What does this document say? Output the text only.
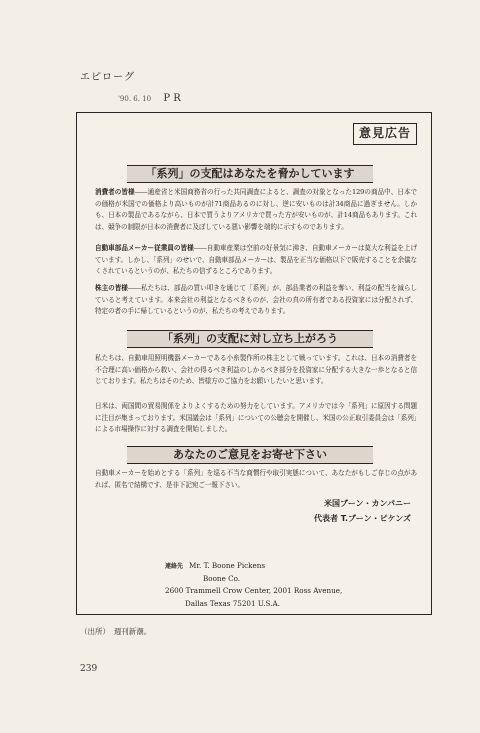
エピローグ
'90. 6. 10 P R
意見広告
「系列」の支配はあなたを脅かしています
消費者の皆様――通産省と米国商務省の行った共同調査によると、調査の対象となった129の商品中、日本での価格が米国での価格より高いものが計71商品あるのに対し、逆に安いものは計34商品に過ぎません。しかも、日本の製品であるながら、日本で買うよりアメリカで買った方が安いものが、計14商品もあります。これは、競争の制限が日本の消費者に及ぼしている悪い影響を端的に示すものであります。
自動車部品メーカー従業員の皆様――自動車産業は空前の好景気に沸き、自動車メーカーは莫大な利益を上げています。しかし、「系列」のせいで、自動車部品メーカーは、製品を正当な価格以下で販売することを余儀なくされているというのが、私たちの信ずるところであります。
株主の皆様――私たちは、部品の買い叩きを通じて「系列」が、部品業者の利益を奪い、利益の配当を減らしていると考えています。本来会社の利益となるべきものが、会社の真の所有者である投資家には分配されず、特定の者の手に帰しているというのが、私たちの考えであります。
「系列」の支配に対し立ち上がろう
私たちは、自動車用照明機器メーカーである小糸製作所の株主として戦っています。これは、日本の消費者を不合理に高い価格から救い、会社の得るべき利益のしかるべき部分を投資家に分配する大きな一歩となると信じております。私たちはそのため、皆様方のご協力をお願いしたいと思います。
日米は、両国間の貿易関係をよりよくするための努力をしています。アメリカでは今「系列」に原因する問題に注目が集まっております。米国議会は「系列」についての公聴会を開催し、米国の公正取引委員会は「系列」による市場操作に対する調査を開始しました。
あなたのご意見をお寄せ下さい
自動車メーカーを始めとする「系列」を巡る不当な商慣行や取引実態について、あなたがもしご存じの点があれば、匿名で結構です、是非下記宛ご一報下さい。
米国ブーン・カンパニー
代表者 T.ブーン・ピケンズ
連絡先 Mr. T. Boone Pickens
Boone Co.
2600 Trammell Crow Center, 2001 Ross Avenue,
Dallas Texas 75201 U.S.A.
（出所）　週刊新潮。
239
